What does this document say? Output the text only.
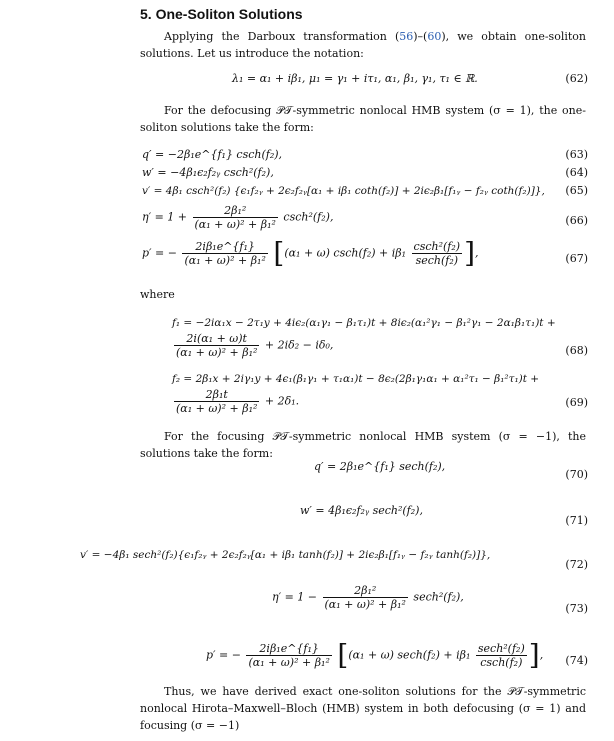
5. One-Soliton Solutions
Applying the Darboux transformation (56)–(60), we obtain one-soliton solutions. Let us introduce the notation:
λ₁ = α₁ + iβ₁, μ₁ = γ₁ + iτ₁, α₁, β₁, γ₁, τ₁ ∈ ℝ.	(62)
For the defocusing 𝒫𝒯-symmetric nonlocal HMB system (σ = 1), the one-soliton solutions take the form:
q′ = −2β₁e^{f₁} csch(f₂),	(63)
w′ = −4β₁ϵ₂f₂ᵧ csch²(f₂),	(64)
v′ = 4β₁ csch²(f₂) {ϵ₁f₂ᵧ + 2ϵ₂f₂ᵧ[α₁ + iβ₁ coth(f₂)] + 2iϵ₂β₁[f₁ᵧ − f₂ᵧ coth(f₂)]}, (65)
$\eta' = 1 + \frac{\text{2β₁²}}{\text{(α₁ + ω)² + β₁²}} \csc h^2(f_2)$,	(66)
p′ = − $\frac{\text{2iβ₁e\textasciicircum{}\{f₁\}}}{\text{(α₁ + ω)² + β₁²}} [(\alpha_1 + \omega) \csc h(f_2) + i\beta_1 \frac{\text{csch²(f₂)}}{\text{sech(f₂)}}$ ],	(67)
where
f₁ = −2iα₁x − 2τ₁y + 4iϵ₂(α₁γ₁ − β₁τ₁)t + 8iϵ₂(α₁²γ₁ − β₁²γ₁ − 2α₁β₁τ₁)t +
$\frac{\text{2i(α₁ + ω)t}}{\text{(α₁ + ω)² + β₁²}} + 2i\delta_2 - i\delta_0$,	(68)
f₂ = 2β₁x + 2iγ₁y + 4ϵ₁(β₁γ₁ + τ₁α₁)t − 8ϵ₂(2β₁γ₁α₁ + α₁²τ₁ − β₁²τ₁)t +
$\frac{\text{2β₁t}}{\text{(α₁ + ω)² + β₁²}} + 2\delta_1$.	(69)
For the focusing 𝒫𝒯-symmetric nonlocal HMB system (σ = −1), the solutions take the form:
q′ = 2β₁e^{f₁} sech(f₂),
(70)
w′ = 4β₁ϵ₂f₂ᵧ sech²(f₂),
(71)
v′ = −4β₁ sech²(f₂){ϵ₁f₂ᵧ + 2ϵ₂f₂ᵧ[α₁ + iβ₁ tanh(f₂)] + 2iϵ₂β₁[f₁ᵧ − f₂ᵧ tanh(f₂)]},
(72)
$\eta' = 1 - \frac{\text{2β₁²}}{\text{(α₁ + ω)² + β₁²}} \sec h^2(f_2)$,
(73)
p′ = − $\frac{\text{2iβ₁e\textasciicircum{}\{f₁\}}}{\text{(α₁ + ω)² + β₁²}} [(\alpha_1 + \omega) \sec h(f_2) + i\beta_1 \frac{\text{sech²(f₂)}}{\text{csch(f₂)}}$ ], (74)
Thus, we have derived exact one-soliton solutions for the 𝒫𝒯-symmetric nonlocal Hirota–Maxwell–Bloch (HMB) system in both defocusing (σ = 1) and focusing (σ = −1)
